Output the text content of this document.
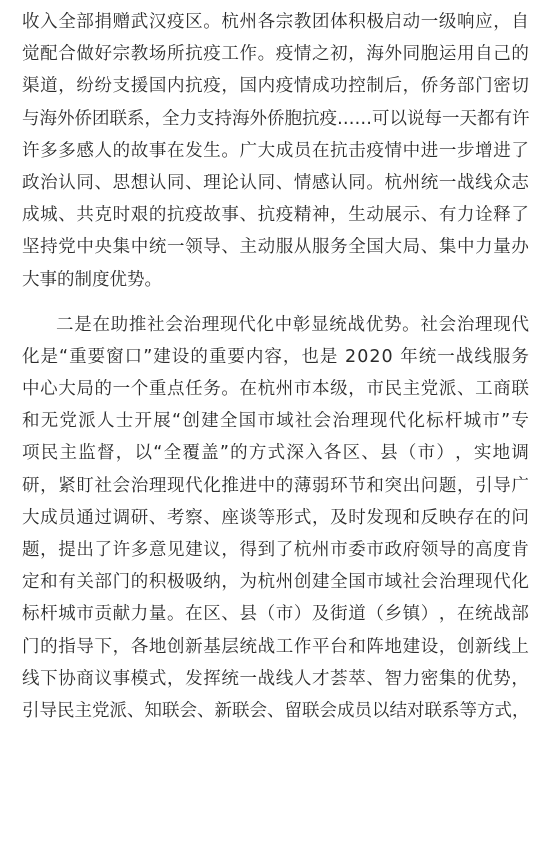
收 入 全 部 捐 赠 武 汉 疫 区 。 杭 州 各 宗 教 团 体 积 极 启 动 一 级 响 应 ， 自
觉 配 合 做 好 宗 教 场 所 抗 疫 工 作 。 疫 情 之 初 ， 海 外 同 胞 运 用 自 己 的
渠 道 ， 纷 纷 支 援 国 内 抗 疫 ， 国 内 疫 情 成 功 控 制 后 ， 侨 务 部 门 密 切
与 海 外 侨 团 联 系 ， 全 力 支 持 海 外 侨 胞 抗 疫 … … 可 以 说 每 一 天 都 有 许
许 多 多 感 人 的 故 事 在 发 生 。 广 大 成 员 在 抗 击 疫 情 中 进 一 步 增 进 了
政 治 认 同 、 思 想 认 同 、 理 论 认 同 、 情 感 认 同 。 杭 州 统 一 战 线 众 志
成 城 、 共 克 时 艰 的 抗 疫 故 事 、 抗 疫 精 神 ， 生 动 展 示 、 有 力 诠 释 了
坚 持 党 中 央 集 中 统 一 领 导 、 主 动 服 从 服 务 全 国 大 局 、 集 中 力 量 办
大事的制度优势。
二 是 在 助 推 社 会 治 理 现 代 化 中 彰 显 统 战 优 势 。 社 会 治 理 现 代
化 是 “ 重 要 窗 口 ” 建 设 的 重 要 内 容 ， 也 是
2 0 2 0
年 统 一 战 线 服 务
中 心 大 局 的 一 个 重 点 任 务 。 在 杭 州 市 本 级 ， 市 民 主 党 派 、 工 商 联
和 无 党 派 人 士 开 展 “ 创 建 全 国 市 域 社 会 治 理 现 代 化 标 杆 城 市 ” 专
项 民 主 监 督 ， 以 “ 全 覆 盖 ” 的 方 式 深 入 各 区 、 县 （ 市 ） ， 实 地 调
研 ， 紧 盯 社 会 治 理 现 代 化 推 进 中 的 薄 弱 环 节 和 突 出 问 题 ， 引 导 广
大 成 员 通 过 调 研 、 考 察 、 座 谈 等 形 式 ， 及 时 发 现 和 反 映 存 在 的 问
题 ， 提 出 了 许 多 意 见 建 议 ， 得 到 了 杭 州 市 委 市 政 府 领 导 的 高 度 肯
定 和 有 关 部 门 的 积 极 吸 纳 ， 为 杭 州 创 建 全 国 市 域 社 会 治 理 现 代 化
标 杆 城 市 贡 献 力 量 。 在 区 、 县 （ 市 ） 及 街 道 （ 乡 镇 ） ， 在 统 战 部
门 的 指 导 下 ， 各 地 创 新 基 层 统 战 工 作 平 台 和 阵 地 建 设 ， 创 新 线 上
线 下 协 商 议 事 模 式 ， 发 挥 统 一 战 线 人 才 荟 萃 、 智 力 密 集 的 优 势 ，
引导民主党派、知联会、新联会、留联会成员以结对联系等方式，
